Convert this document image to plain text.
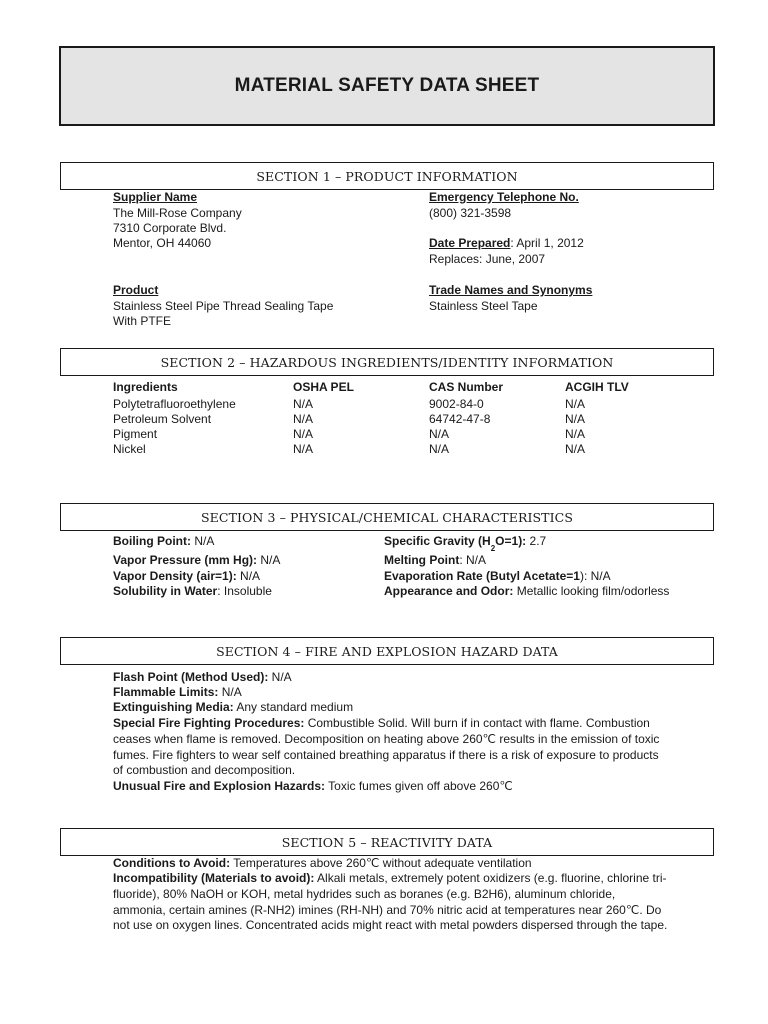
MATERIAL SAFETY DATA SHEET
SECTION 1 – PRODUCT INFORMATION
Supplier Name
The Mill-Rose Company
7310 Corporate Blvd.
Mentor, OH 44060
Emergency Telephone No.
(800) 321-3598
Date Prepared: April 1, 2012
Replaces: June, 2007
Product
Stainless Steel Pipe Thread Sealing Tape
With PTFE
Trade Names and Synonyms
Stainless Steel Tape
SECTION 2 – HAZARDOUS INGREDIENTS/IDENTITY INFORMATION
Ingredients	OSHA PEL	CAS Number	ACGIH TLV
Polytetrafluoroethylene	N/A	9002-84-0	N/A
Petroleum Solvent	N/A	64742-47-8	N/A
Pigment	N/A	N/A	N/A
Nickel	N/A	N/A	N/A
SECTION 3 – PHYSICAL/CHEMICAL CHARACTERISTICS
Boiling Point: N/A
Vapor Pressure (mm Hg): N/A
Vapor Density (air=1): N/A
Solubility in Water: Insoluble
Specific Gravity $(H_2O=1)$: 2.7
Melting Point: N/A
Evaporation Rate (Butyl Acetate=1): N/A
Appearance and Odor: Metallic looking film/odorless
SECTION 4 – FIRE AND EXPLOSION HAZARD DATA
Flash Point (Method Used): N/A
Flammable Limits: N/A
Extinguishing Media: Any standard medium
Special Fire Fighting Procedures: Combustible Solid. Will burn if in contact with flame. Combustion ceases when flame is removed. Decomposition on heating above 260℃ results in the emission of toxic fumes. Fire fighters to wear self contained breathing apparatus if there is a risk of exposure to products of combustion and decomposition.
Unusual Fire and Explosion Hazards: Toxic fumes given off above 260℃
SECTION 5 – REACTIVITY DATA
Conditions to Avoid: Temperatures above 260℃ without adequate ventilation
Incompatibility (Materials to avoid): Alkali metals, extremely potent oxidizers (e.g. fluorine, chlorine tri- fluoride), 80% NaOH or KOH, metal hydrides such as boranes (e.g. B2H6), aluminum chloride, ammonia, certain amines (R-NH2) imines (RH-NH) and 70% nitric acid at temperatures near 260℃. Do not use on oxygen lines. Concentrated acids might react with metal powders dispersed through the tape.
